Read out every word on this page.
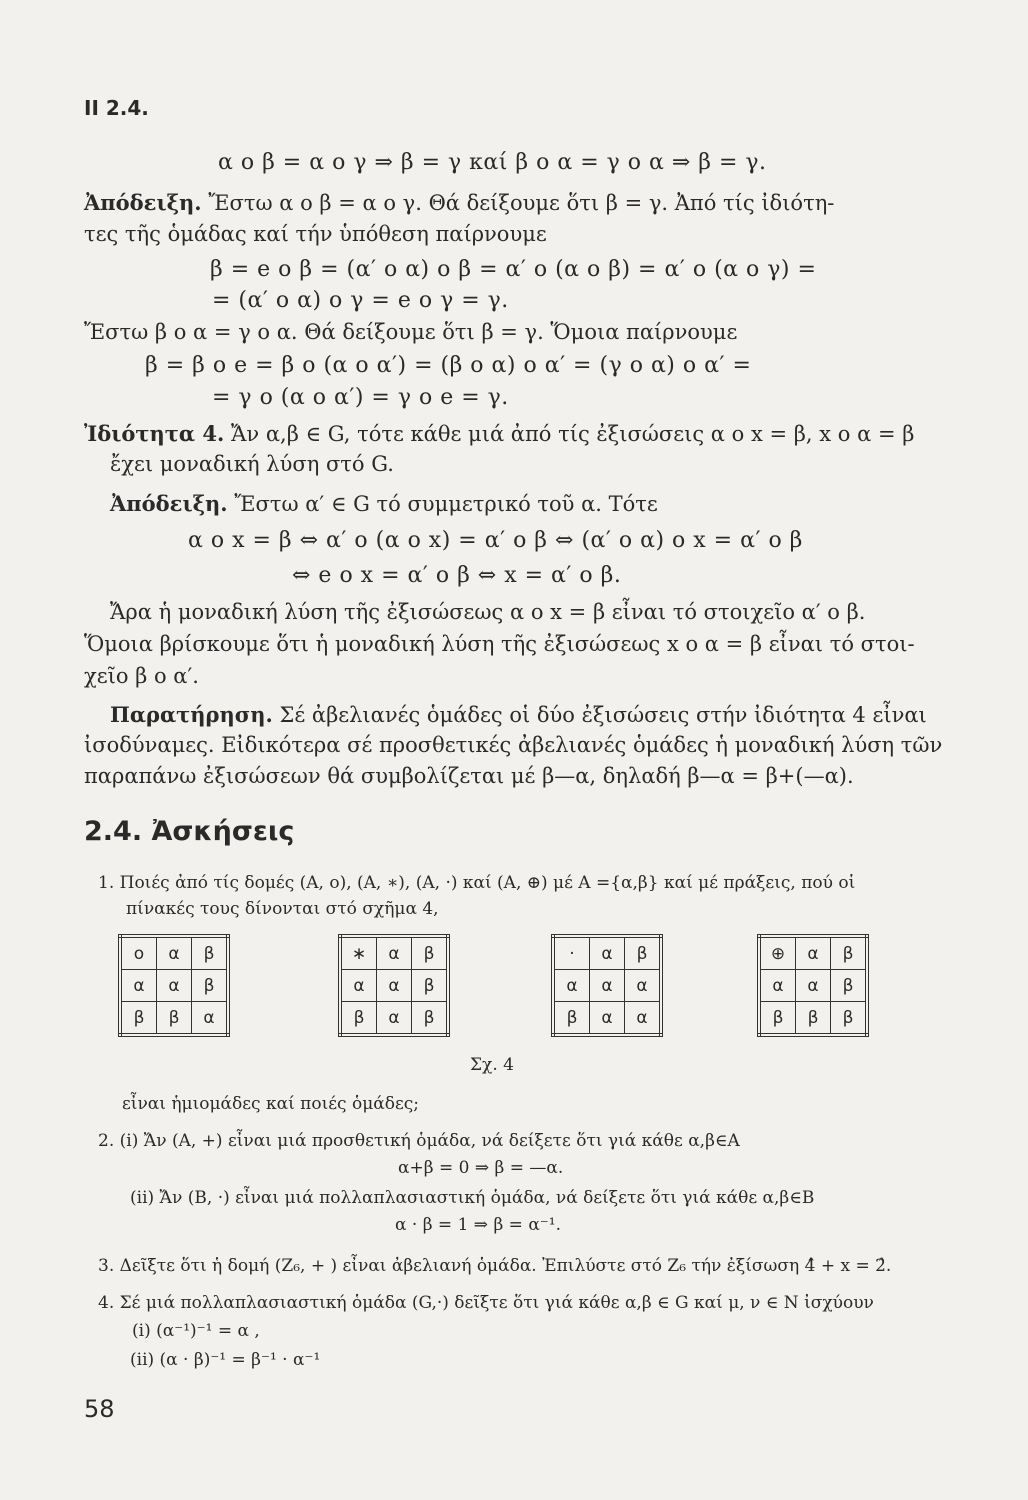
II 2.4.
α ο β = α ο γ ⇒ β = γ καί β ο α = γ ο α ⇒ β = γ.
Ἀπόδειξη. Ἔστω α ο β = α ο γ. Θά δείξουμε ὅτι β = γ. Ἀπό τίς ἰδιότη-
τες τῆς ὁμάδας καί τήν ὑπόθεση παίρνουμε
β = e ο β = (α′ ο α) ο β = α′ ο (α ο β) = α′ ο (α ο γ) =
= (α′ ο α) ο γ = e ο γ = γ.
Ἔστω β ο α = γ ο α. Θά δείξουμε ὅτι β = γ. Ὅμοια παίρνουμε
β = β ο e = β ο (α ο α′) = (β ο α) ο α′ = (γ ο α) ο α′ =
= γ ο (α ο α′) = γ ο e = γ.
Ἰδιότητα 4. Ἄν α,β ∈ G, τότε κάθε μιά ἀπό τίς ἐξισώσεις α ο x = β, x ο α = β
ἔχει μοναδική λύση στό G.
Ἀπόδειξη. Ἔστω α′ ∈ G τό συμμετρικό τοῦ α. Τότε
α ο x = β ⇔ α′ ο (α ο x) = α′ ο β ⇔ (α′ ο α) ο x = α′ ο β
⇔ e ο x = α′ ο β ⇔ x = α′ ο β.
Ἄρα ἡ μοναδική λύση τῆς ἐξισώσεως α ο x = β εἶναι τό στοιχεῖο α′ ο β.
Ὅμοια βρίσκουμε ὅτι ἡ μοναδική λύση τῆς ἐξισώσεως x ο α = β εἶναι τό στοι-
χεῖο β ο α′.
Παρατήρηση. Σέ ἀβελιανές ὁμάδες οἱ δύο ἐξισώσεις στήν ἰδιότητα 4 εἶναι
ἰσοδύναμες. Εἰδικότερα σέ προσθετικές ἀβελιανές ὁμάδες ἡ μοναδική λύση τῶν
παραπάνω ἐξισώσεων θά συμβολίζεται μέ β—α, δηλαδή β—α = β+(—α).
2.4. Ἀσκήσεις
1. Ποιές ἀπό τίς δομές (A, ο), (A, ∗), (A, ·) καί (A, ⊕) μέ A ={α,β} καί μέ πράξεις, πού οἱ
πίνακές τους δίνονται στό σχῆμα 4,
ο	α	β
α	α	β
β	β	α
∗	α	β
α	α	β
β	α	β
·	α	β
α	α	α
β	α	α
⊕	α	β
α	α	β
β	β	β
Σχ. 4
εἶναι ἡμιομάδες καί ποιές ὁμάδες;
2. (i) Ἄν (A, +) εἶναι μιά προσθετική ὁμάδα, νά δείξετε ὅτι γιά κάθε α,β∈A
α+β = 0 ⇒ β = —α.
(ii) Ἄν (B, ·) εἶναι μιά πολλαπλασιαστική ὁμάδα, νά δείξετε ὅτι γιά κάθε α,β∈B
α · β = 1 ⇒ β = α⁻¹.
3. Δεῖξτε ὅτι ἡ δομή (Z₆, + ) εἶναι ἀβελιανή ὁμάδα. Ἐπιλύστε στό Z₆ τήν ἐξίσωση 4̂ + x = 2̂.
4. Σέ μιά πολλαπλασιαστική ὁμάδα (G,·) δεῖξτε ὅτι γιά κάθε α,β ∈ G καί μ, ν ∈ N ἰσχύουν
(i) (α⁻¹)⁻¹ = α ,
(ii) (α · β)⁻¹ = β⁻¹ · α⁻¹
58
